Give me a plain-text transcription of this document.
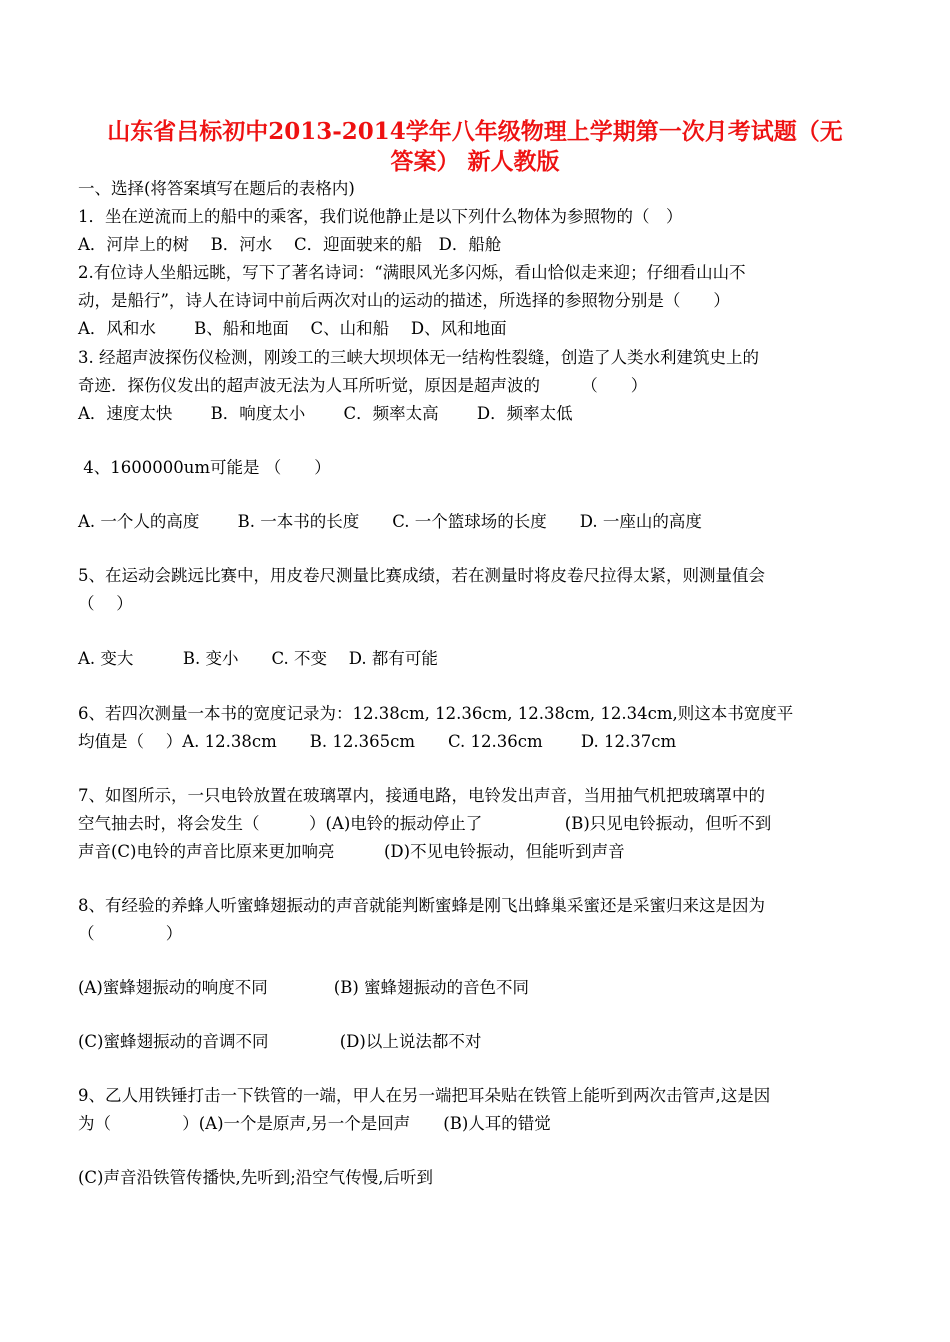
山东省吕标初中2013-2014学年八年级物理上学期第一次月考试题（无
答案） 新人教版
一、选择(将答案填写在题后的表格内)
1．坐在逆流而上的船中的乘客，我们说他静止是以下列什么物体为参照物的（　）
A．河岸上的树　 B．河水　 C．迎面驶来的船　D．船舱
2.有位诗人坐船远眺，写下了著名诗词：“满眼风光多闪烁，看山恰似走来迎；仔细看山山不
动，是船行”，诗人在诗词中前后两次对山的运动的描述，所选择的参照物分别是（　　）
A．风和水　　 B、船和地面　 C、山和船　 D、风和地面
3. 经超声波探伤仪检测，刚竣工的三峡大坝坝体无一结构性裂缝，创造了人类水利建筑史上的
奇迹．探伤仪发出的超声波无法为人耳所听觉，原因是超声波的　　　（　　）
A．速度太快　　 B．响度太小　　 C．频率太高　　 D．频率太低
4、1600000um可能是 （　　）
A. 一个人的高度　　 B. 一本书的长度　　C. 一个篮球场的长度　　D. 一座山的高度
5、在运动会跳远比赛中，用皮卷尺测量比赛成绩，若在测量时将皮卷尺拉得太紧，则测量值会
（　 ）
A. 变大　　　B. 变小　　C. 不变　 D. 都有可能
6、若四次测量一本书的宽度记录为：12.38cm, 12.36cm, 12.38cm, 12.34cm,则这本书宽度平
均值是（　 ）A. 12.38cm　　B. 12.365cm　　C. 12.36cm　　 D. 12.37cm
7、如图所示，一只电铃放置在玻璃罩内，接通电路，电铃发出声音，当用抽气机把玻璃罩中的
空气抽去时，将会发生（　　　）(A)电铃的振动停止了　　　　　(B)只见电铃振动，但听不到
声音(C)电铃的声音比原来更加响亮　　　(D)不见电铃振动，但能听到声音
8、有经验的养蜂人听蜜蜂翅振动的声音就能判断蜜蜂是刚飞出蜂巢采蜜还是采蜜归来这是因为
（　　　　 ）
(A)蜜蜂翅振动的响度不同　　　　(B) 蜜蜂翅振动的音色不同
(C)蜜蜂翅振动的音调不同　　　　 (D)以上说法都不对
9、乙人用铁锤打击一下铁管的一端，甲人在另一端把耳朵贴在铁管上能听到两次击管声,这是因
为（　　　　 ）(A)一个是原声,另一个是回声　　(B)人耳的错觉
(C)声音沿铁管传播快,先听到;沿空气传慢,后听到
